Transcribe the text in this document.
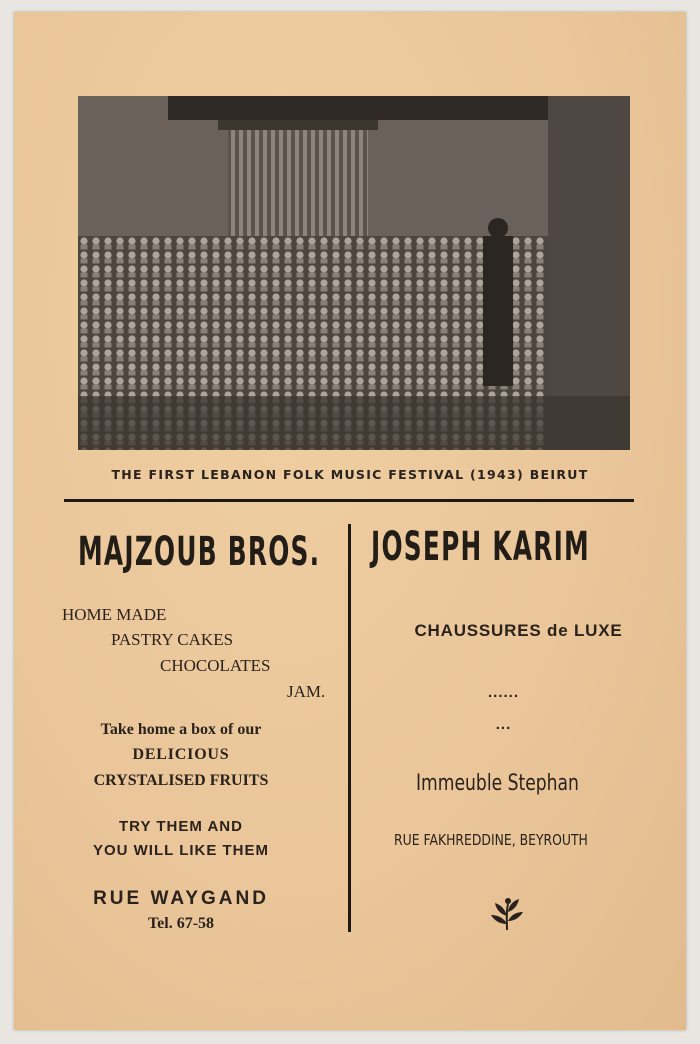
THE FIRST LEBANON FOLK MUSIC FESTIVAL (1943) BEIRUT
MAJZOUB BROS.
HOME MADE
PASTRY CAKES
CHOCOLATES
JAM.
Take home a box of our
DELICIOUS
CRYSTALISED FRUITS
TRY THEM AND
YOU WILL LIKE THEM
RUE WAYGAND
Tel. 67-58
JOSEPH KARIM
CHAUSSURES de LUXE
......
...
Immeuble Stephan
RUE FAKHREDDINE, BEYROUTH
